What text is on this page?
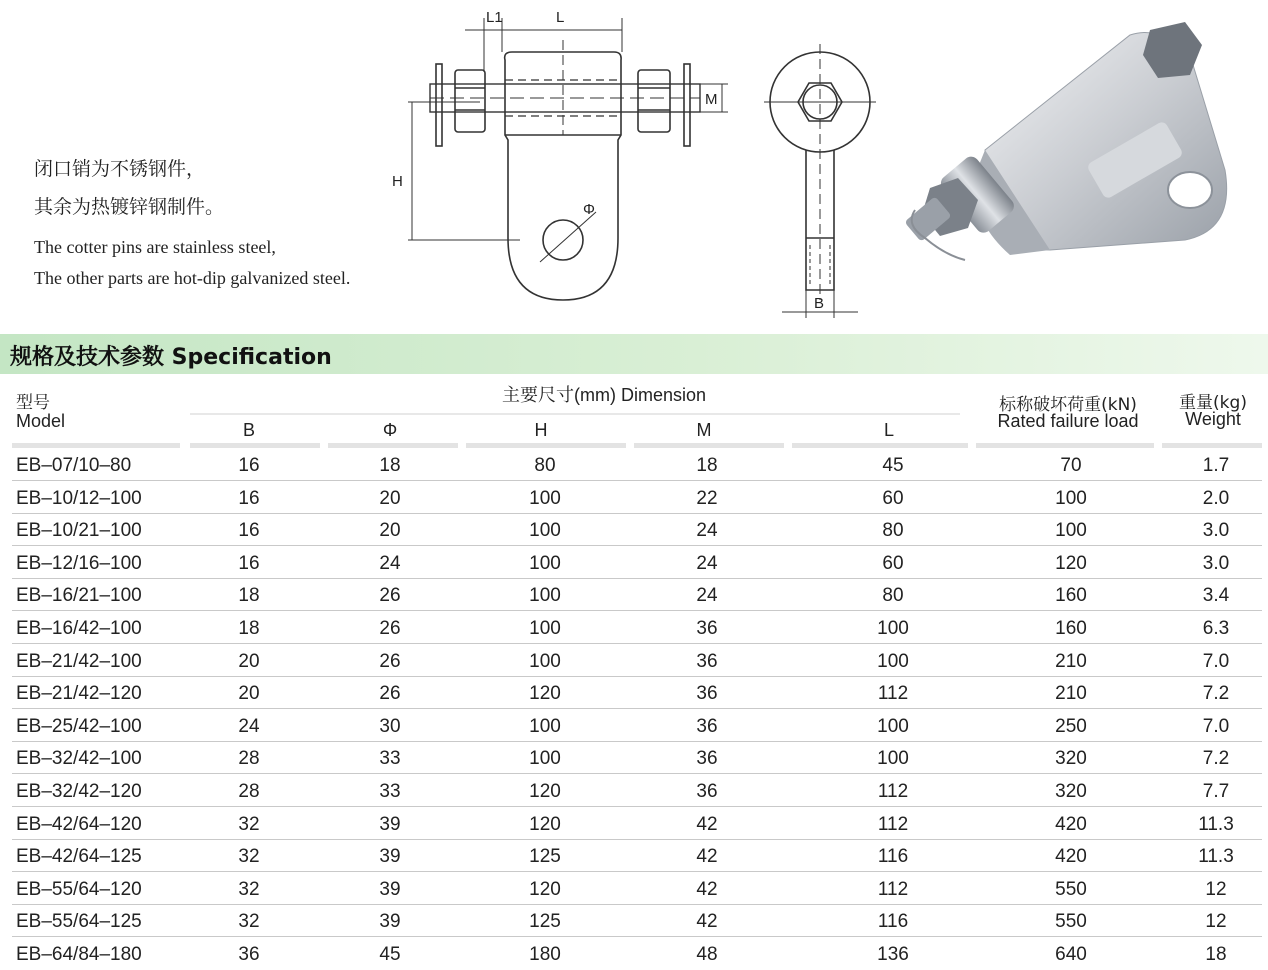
闭口销为不锈钢件，
其余为热镀锌钢制件。
The cotter pins are stainless steel,
The other parts are hot-dip galvanized steel.
L1	L
M
H
Φ
B
规格及技术参数 Specification
型号
Model
主要尺寸(mm) Dimension
B	Φ	H	M	L
标称破坏荷重(kN)
Rated failure load
重量(kg)
Weight
EB–07/10–80	16	18	80	18	45	70	1.7
EB–10/12–100	16	20	100	22	60	100	2.0
EB–10/21–100	16	20	100	24	80	100	3.0
EB–12/16–100	16	24	100	24	60	120	3.0
EB–16/21–100	18	26	100	24	80	160	3.4
EB–16/42–100	18	26	100	36	100	160	6.3
EB–21/42–100	20	26	100	36	100	210	7.0
EB–21/42–120	20	26	120	36	112	210	7.2
EB–25/42–100	24	30	100	36	100	250	7.0
EB–32/42–100	28	33	100	36	100	320	7.2
EB–32/42–120	28	33	120	36	112	320	7.7
EB–42/64–120	32	39	120	42	112	420	11.3
EB–42/64–125	32	39	125	42	116	420	11.3
EB–55/64–120	32	39	120	42	112	550	12
EB–55/64–125	32	39	125	42	116	550	12
EB–64/84–180	36	45	180	48	136	640	18
